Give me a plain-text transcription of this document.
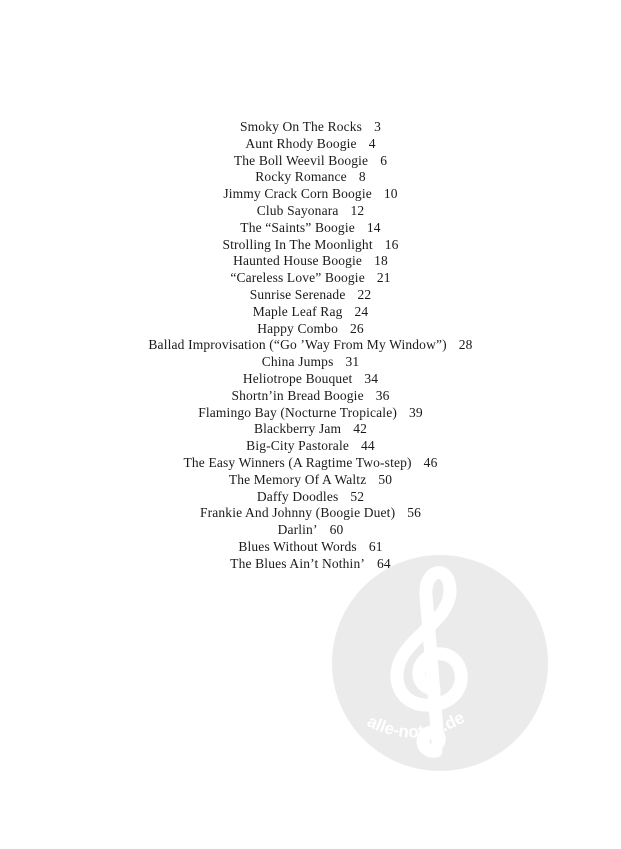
Smoky On The Rocks 3
Aunt Rhody Boogie 4
The Boll Weevil Boogie 6
Rocky Romance 8
Jimmy Crack Corn Boogie 10
Club Sayonara 12
The “Saints” Boogie 14
Strolling In The Moonlight 16
Haunted House Boogie 18
“Careless Love” Boogie 21
Sunrise Serenade 22
Maple Leaf Rag 24
Happy Combo 26
Ballad Improvisation (“Go ’Way From My Window”) 28
China Jumps 31
Heliotrope Bouquet 34
Shortn’in Bread Boogie 36
Flamingo Bay (Nocturne Tropicale) 39
Blackberry Jam 42
Big-City Pastorale 44
The Easy Winners (A Ragtime Two-step) 46
The Memory Of A Waltz 50
Daffy Doodles 52
Frankie And Johnny (Boogie Duet) 56
Darlin’ 60
Blues Without Words 61
The Blues Ain’t Nothin’ 64
alle-noten.de
